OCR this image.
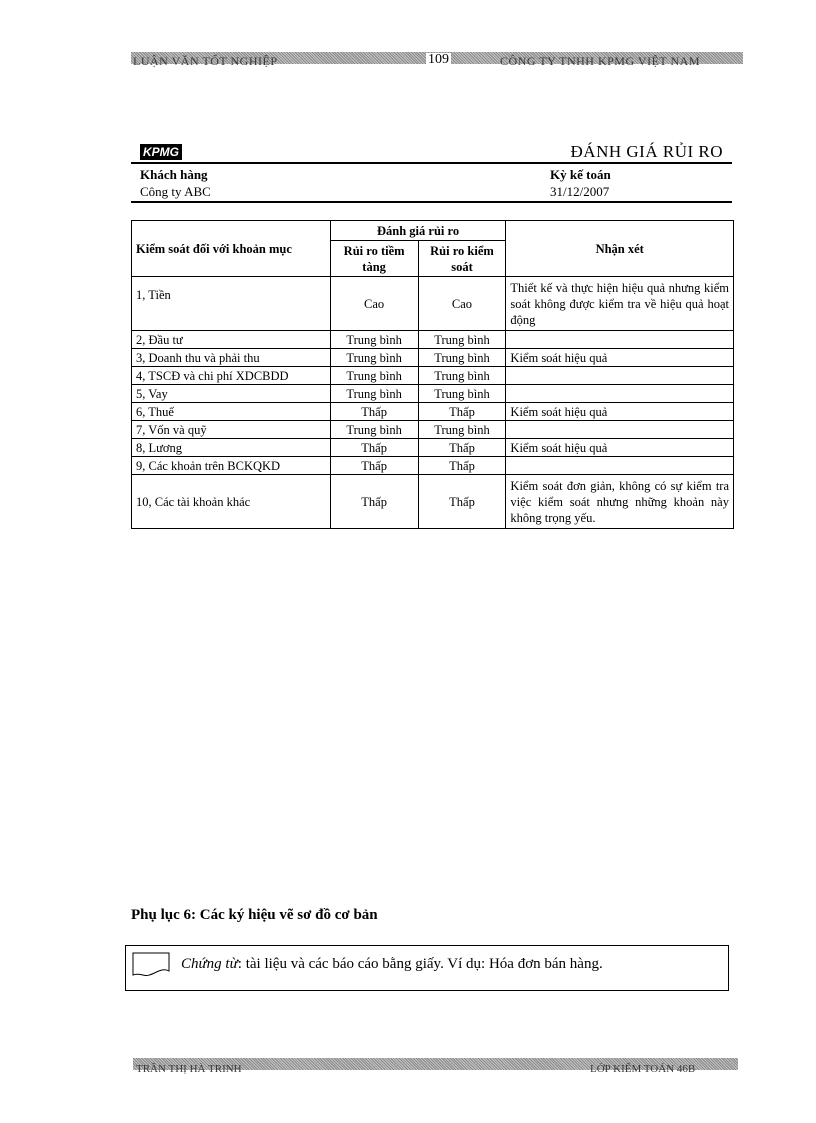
LUẬN VĂN TỐT NGHIỆP	109	CÔNG TY TNHH KPMG VIỆT NAM
KPMG	ĐÁNH GIÁ RỦI RO
Khách hàng
Công ty ABC
Kỳ kế toán
31/12/2007
Kiểm soát đối với khoản mục	Đánh giá rủi ro		Nhận xét
	Rủi ro tiềm tàng	Rủi ro kiểm soát	
1, Tiền	Cao	Cao	Thiết kế và thực hiện hiệu quả nhưng kiểm soát không được kiểm tra về hiệu quả hoạt động
2, Đầu tư	Trung bình	Trung bình	
3, Doanh thu và phải thu	Trung bình	Trung bình	Kiểm soát hiệu quả
4, TSCĐ và chi phí XDCBDD	Trung bình	Trung bình	
5, Vay	Trung bình	Trung bình	
6, Thuế	Thấp	Thấp	Kiểm soát hiệu quả
7, Vốn và quỹ	Trung bình	Trung bình	
8, Lương	Thấp	Thấp	Kiểm soát hiệu quả
9, Các khoản trên BCKQKD	Thấp	Thấp	
10, Các tài khoản khác	Thấp	Thấp	Kiểm soát đơn giản, không có sự kiểm tra việc kiểm soát nhưng những khoản này không trọng yếu.
Phụ lục 6: Các ký hiệu vẽ sơ đồ cơ bản
Chứng từ: tài liệu và các báo cáo bằng giấy. Ví dụ: Hóa đơn bán hàng.
TRẦN THỊ HÀ TRINH	LỚP KIỂM TOÁN 46B
